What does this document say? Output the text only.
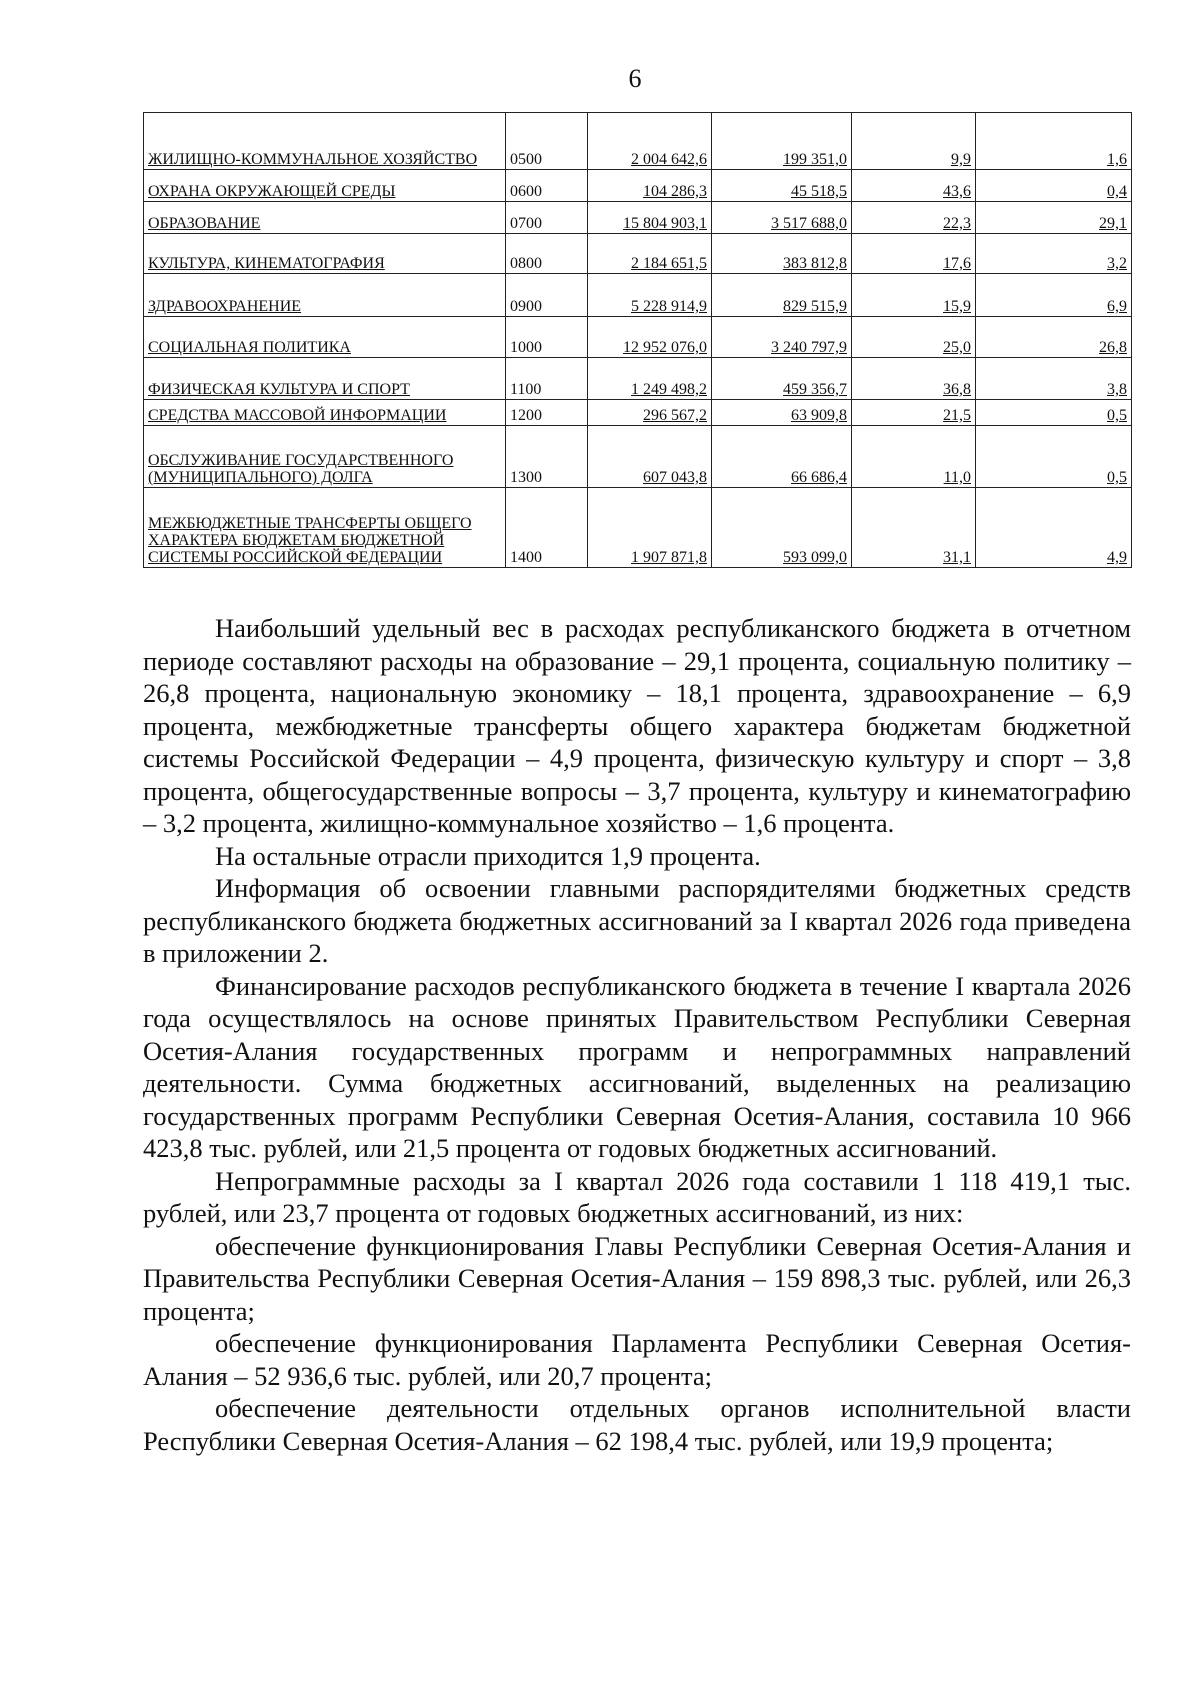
6
ЖИЛИЩНО-КОММУНАЛЬНОЕ ХОЗЯЙСТВО	0500	2 004 642,6	199 351,0	9,9	1,6
ОХРАНА ОКРУЖАЮЩЕЙ СРЕДЫ	0600	104 286,3	45 518,5	43,6	0,4
ОБРАЗОВАНИЕ	0700	15 804 903,1	3 517 688,0	22,3	29,1
КУЛЬТУРА, КИНЕМАТОГРАФИЯ	0800	2 184 651,5	383 812,8	17,6	3,2
ЗДРАВООХРАНЕНИЕ	0900	5 228 914,9	829 515,9	15,9	6,9
СОЦИАЛЬНАЯ ПОЛИТИКА	1000	12 952 076,0	3 240 797,9	25,0	26,8
ФИЗИЧЕСКАЯ КУЛЬТУРА И СПОРТ	1100	1 249 498,2	459 356,7	36,8	3,8
СРЕДСТВА МАССОВОЙ ИНФОРМАЦИИ	1200	296 567,2	63 909,8	21,5	0,5
ОБСЛУЖИВАНИЕ ГОСУДАРСТВЕННОГО (МУНИЦИПАЛЬНОГО) ДОЛГА	1300	607 043,8	66 686,4	11,0	0,5
МЕЖБЮДЖЕТНЫЕ ТРАНСФЕРТЫ ОБЩЕГО ХАРАКТЕРА БЮДЖЕТАМ БЮДЖЕТНОЙ СИСТЕМЫ РОССИЙСКОЙ ФЕДЕРАЦИИ	1400	1 907 871,8	593 099,0	31,1	4,9

Наибольший удельный вес в расходах республиканского бюджета в отчетном периоде составляют расходы на образование – 29,1 процента, социальную политику – 26,8 процента, национальную экономику – 18,1 процента, здравоохранение – 6,9 процента, межбюджетные трансферты общего характера бюджетам бюджетной системы Российской Федерации – 4,9 процента, физическую культуру и спорт – 3,8 процента, общегосударственные вопросы – 3,7 процента, культуру и кинематографию – 3,2 процента, жилищно-коммунальное хозяйство – 1,6 процента.

На остальные отрасли приходится 1,9 процента.

Информация об освоении главными распорядителями бюджетных средств республиканского бюджета бюджетных ассигнований за I квартал 2026 года приведена в приложении 2.

Финансирование расходов республиканского бюджета в течение I квартала 2026 года осуществлялось на основе принятых Правительством Республики Северная Осетия-Алания государственных программ и непрограммных направлений деятельности. Сумма бюджетных ассигнований, выделенных на реализацию государственных программ Республики Северная Осетия-Алания, составила 10 966 423,8 тыс. рублей, или 21,5 процента от годовых бюджетных ассигнований.

Непрограммные расходы за I квартал 2026 года составили 1 118 419,1 тыс. рублей, или 23,7 процента от годовых бюджетных ассигнований, из них:

обеспечение функционирования Главы Республики Северная Осетия-Алания и Правительства Республики Северная Осетия-Алания – 159 898,3 тыс. рублей, или 26,3 процента;

обеспечение функционирования Парламента Республики Северная Осетия-Алания – 52 936,6 тыс. рублей, или 20,7 процента;

обеспечение деятельности отдельных органов исполнительной власти Республики Северная Осетия-Алания – 62 198,4 тыс. рублей, или 19,9 процента;
